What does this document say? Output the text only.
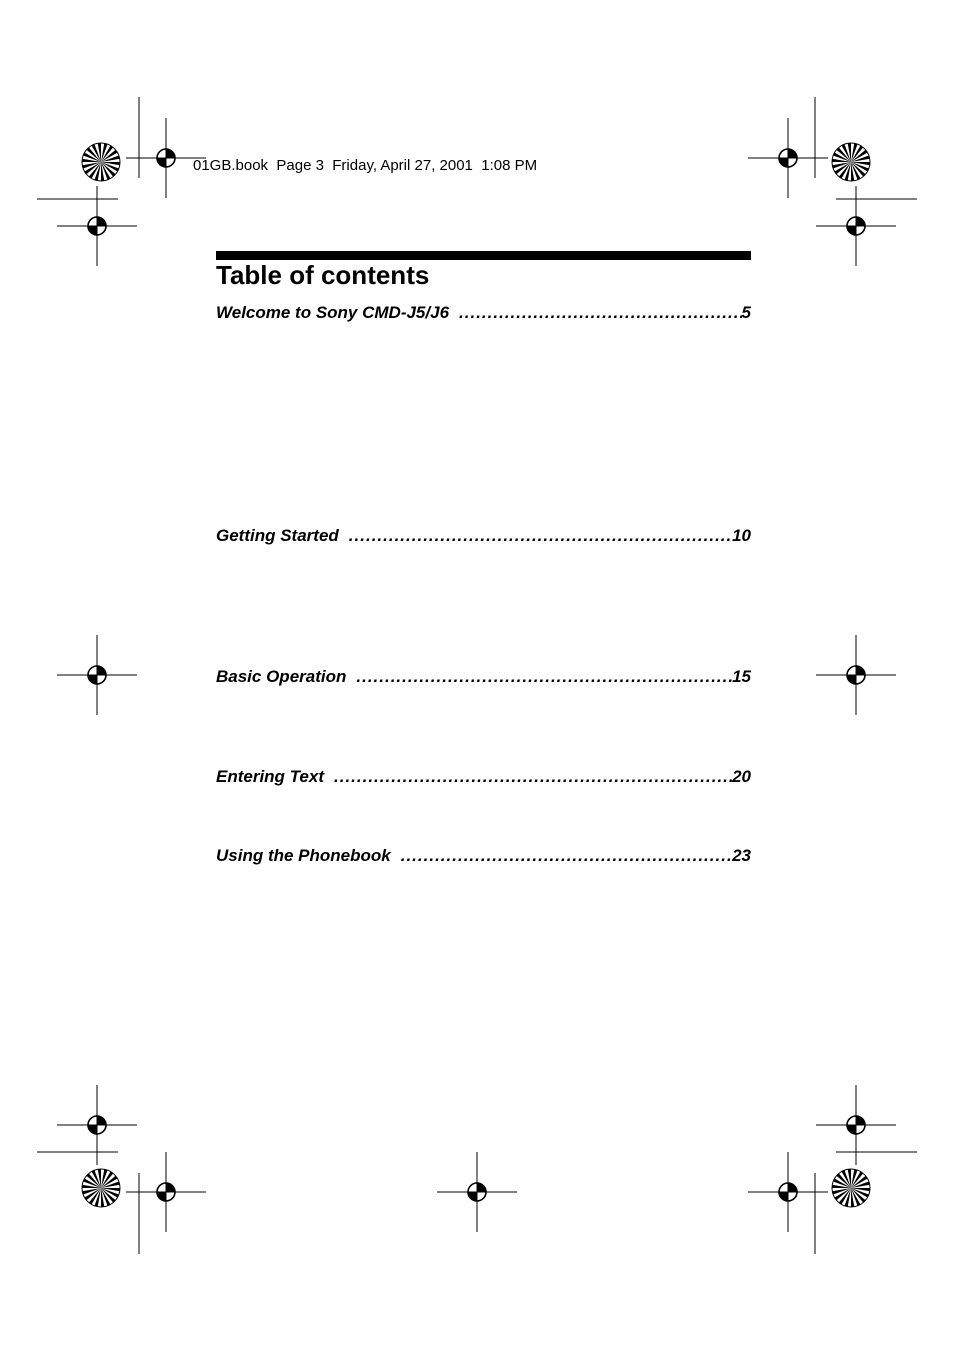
01GB.book  Page 3  Friday, April 27, 2001  1:08 PM
Table of contents
Welcome to Sony CMD-J5/J6 .....	5
Getting Started .....	10
Basic Operation .....	15
Entering Text .....	20
Using the Phonebook .....	23
